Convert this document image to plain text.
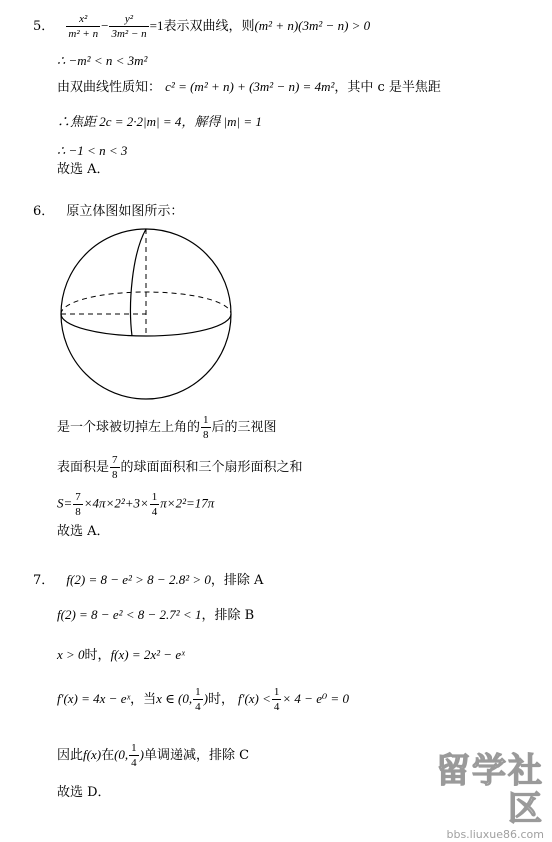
5． $\frac{\text{x²}}{\text{m² + n}} - \frac{\text{y²}}{\text{3m² − n}} =1$表示双曲线，则(m² + n)(3m² − n) > 0
∴ −m² < n < 3m²
由双曲线性质知： c² = (m² + n) + (3m² − n) = 4m²，其中 c 是半焦距
∴焦距 2c = 2·2|m| = 4，解得 |m| = 1
∴ −1 < n < 3
故选 A．
6． 原立体图如图所示：
是一个球被切掉左上角的 $\frac{1}{8}$ 后的三视图
表面积是 $\frac{7}{8}$ 的球面面积和三个扇形面积之和
$S= \frac{7}{8} \times 4\pi\times 2^2+3\times \frac{1}{4} \pi\times 2^2=17\pi$
故选 A．
7． f(2) = 8 − e² > 8 − 2.8² > 0，排除 A
f(2) = 8 − e² < 8 − 2.7² < 1，排除 B
x > 0时，f(x) = 2x² − eˣ
f′(x) = 4x − eˣ，当x ∈ (0, $\frac{1}{4}$ )时， $f'(x) < \frac{1}{4} \times 4 - e^0 = 0$
因此f(x)在(0, $\frac{1}{4}$ )单调递减，排除 C
故选 D．
留学社区
bbs.liuxue86.com
